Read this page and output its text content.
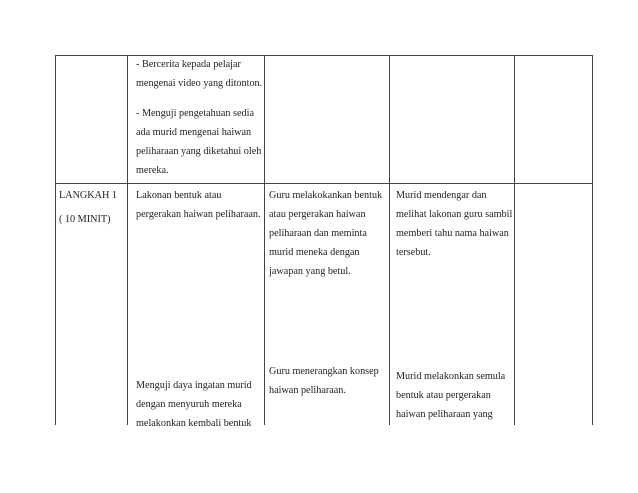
- Bercerita kepada pelajar
mengenai video yang ditonton.
- Menguji pengetahuan sedia
ada murid mengenai haiwan
peliharaan yang diketahui oleh
mereka.
LANGKAH 1
( 10 MINIT)
Lakonan bentuk atau
pergerakan haiwan peliharaan.
Menguji daya ingatan murid
dengan menyuruh mereka
melakonkan kembali bentuk
Guru melakokankan bentuk
atau pergerakan haiwan
peliharaan dan meminta
murid meneka dengan
jawapan yang betul.
Guru menerangkan konsep
haiwan peliharaan.
Murid mendengar dan
melihat lakonan guru sambil
memberi tahu nama haiwan
tersebut.
Murid melakonkan semula
bentuk atau pergerakan
haiwan peliharaan yang
